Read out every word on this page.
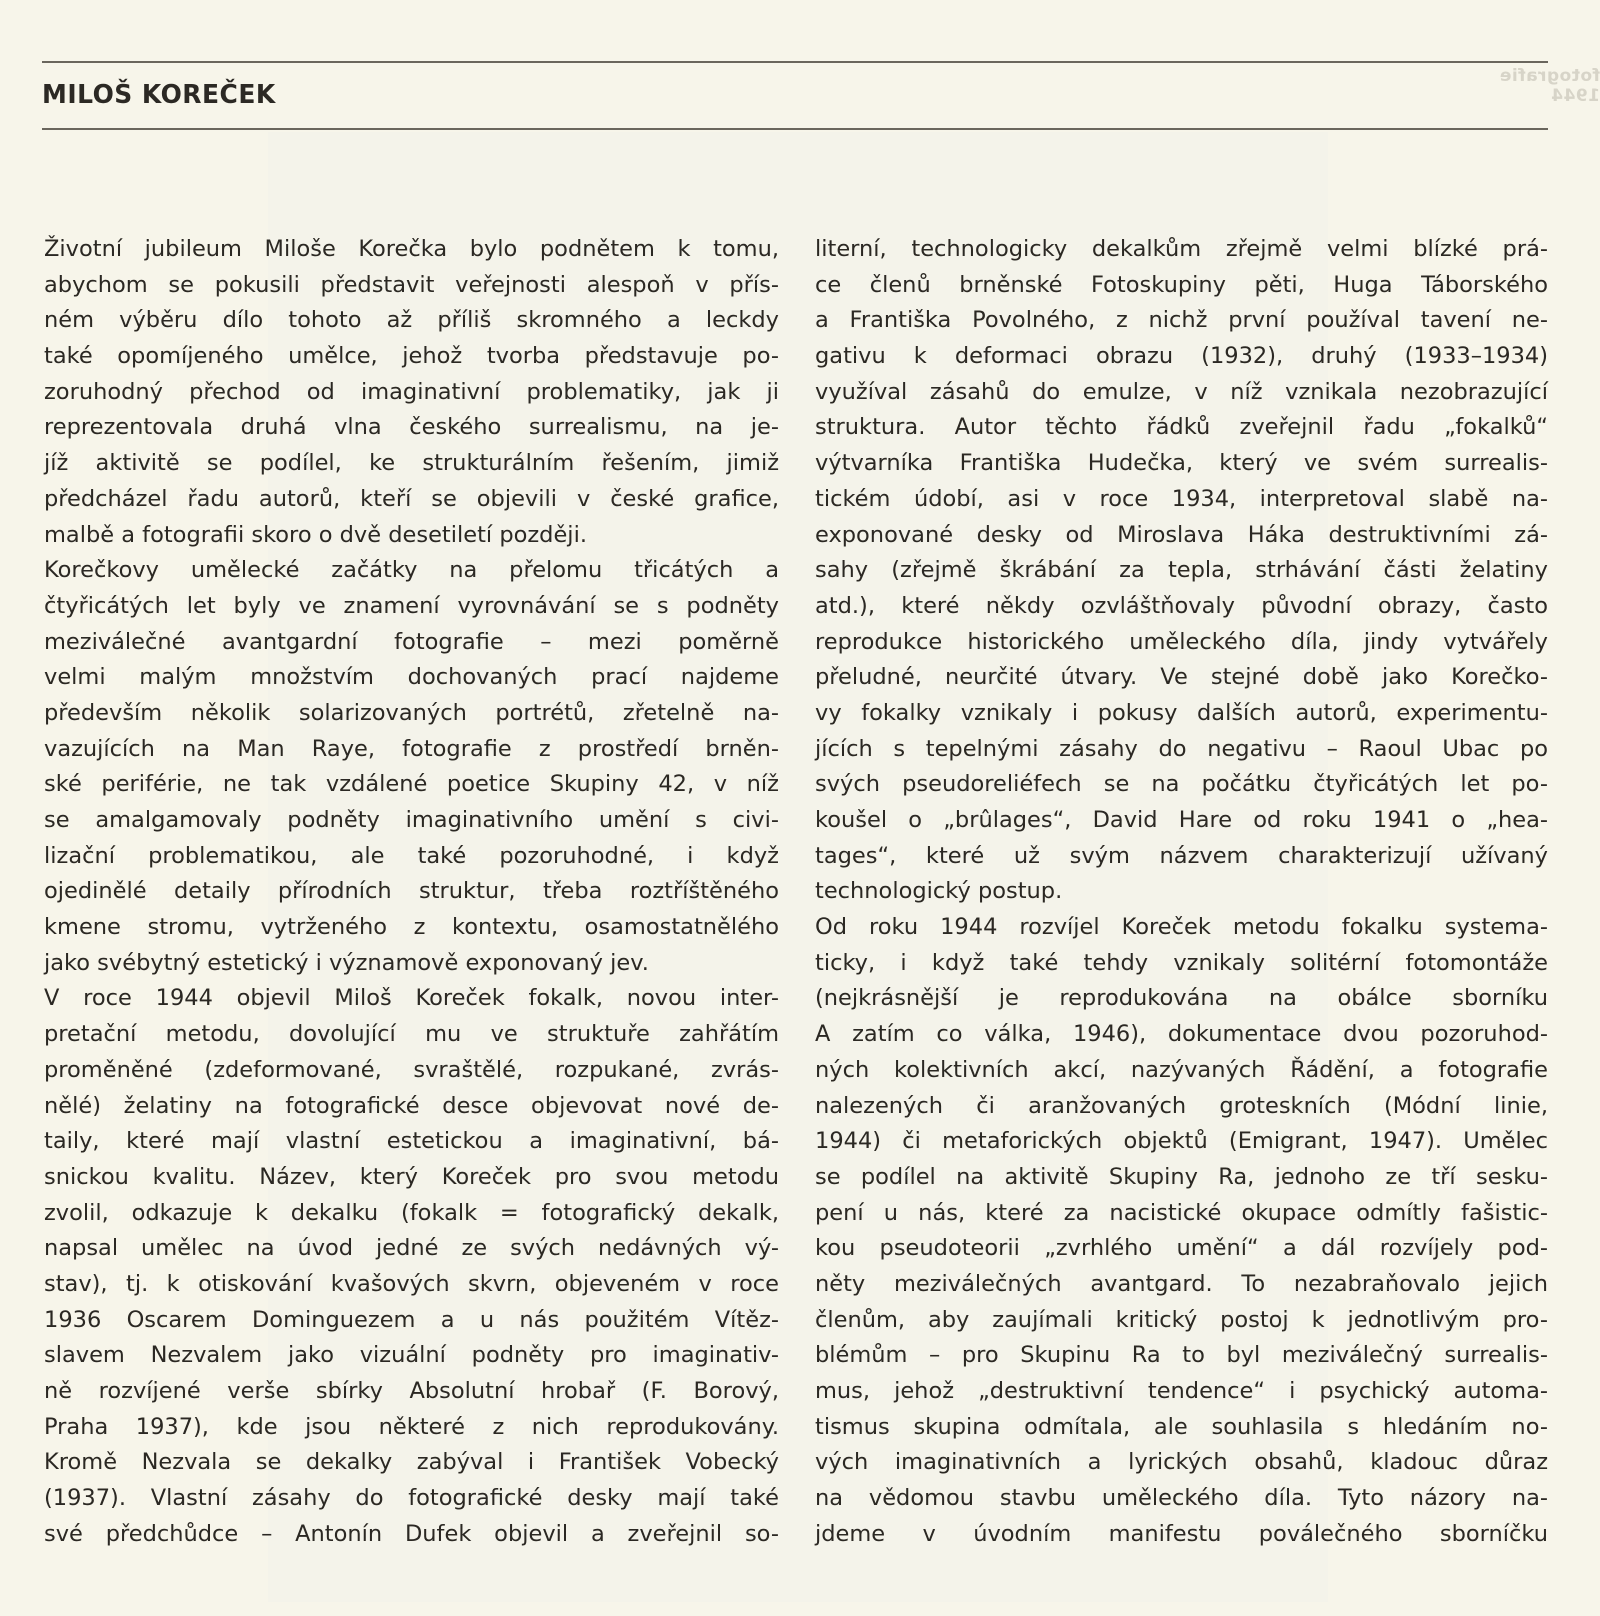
fotografie 1944
MILOŠ KOREČEK
Životní jubileum Miloše Korečka bylo podnětem k tomu,
abychom se pokusili představit veřejnosti alespoň v přís-
ném výběru dílo tohoto až příliš skromného a leckdy
také opomíjeného umělce, jehož tvorba představuje po-
zoruhodný přechod od imaginativní problematiky, jak ji
reprezentovala druhá vlna českého surrealismu, na je-
jíž aktivitě se podílel, ke strukturálním řešením, jimiž
předcházel řadu autorů, kteří se objevili v české grafice,
malbě a fotografii skoro o dvě desetiletí později.
Korečkovy umělecké začátky na přelomu třicátých a
čtyřicátých let byly ve znamení vyrovnávání se s podněty
meziválečné avantgardní fotografie – mezi poměrně
velmi malým množstvím dochovaných prací najdeme
především několik solarizovaných portrétů, zřetelně na-
vazujících na Man Raye, fotografie z prostředí brněn-
ské periférie, ne tak vzdálené poetice Skupiny 42, v níž
se amalgamovaly podněty imaginativního umění s civi-
lizační problematikou, ale také pozoruhodné, i když
ojedinělé detaily přírodních struktur, třeba roztříštěného
kmene stromu, vytrženého z kontextu, osamostatnělého
jako svébytný estetický i významově exponovaný jev.
V roce 1944 objevil Miloš Koreček fokalk, novou inter-
pretační metodu, dovolující mu ve struktuře zahřátím
proměněné (zdeformované, svraštělé, rozpukané, zvrás-
nělé) želatiny na fotografické desce objevovat nové de-
taily, které mají vlastní estetickou a imaginativní, bá-
snickou kvalitu. Název, který Koreček pro svou metodu
zvolil, odkazuje k dekalku (fokalk = fotografický dekalk,
napsal umělec na úvod jedné ze svých nedávných vý-
stav), tj. k otiskování kvašových skvrn, objeveném v roce
1936 Oscarem Dominguezem a u nás použitém Vítěz-
slavem Nezvalem jako vizuální podněty pro imaginativ-
ně rozvíjené verše sbírky Absolutní hrobař (F. Borový,
Praha 1937), kde jsou některé z nich reprodukovány.
Kromě Nezvala se dekalky zabýval i František Vobecký
(1937). Vlastní zásahy do fotografické desky mají také
své předchůdce – Antonín Dufek objevil a zveřejnil so-
literní, technologicky dekalkům zřejmě velmi blízké prá-
ce členů brněnské Fotoskupiny pěti, Huga Táborského
a Františka Povolného, z nichž první používal tavení ne-
gativu k deformaci obrazu (1932), druhý (1933–1934)
využíval zásahů do emulze, v níž vznikala nezobrazující
struktura. Autor těchto řádků zveřejnil řadu „fokalků“
výtvarníka Františka Hudečka, který ve svém surrealis-
tickém údobí, asi v roce 1934, interpretoval slabě na-
exponované desky od Miroslava Háka destruktivními zá-
sahy (zřejmě škrábání za tepla, strhávání části želatiny
atd.), které někdy ozvláštňovaly původní obrazy, často
reprodukce historického uměleckého díla, jindy vytvářely
přeludné, neurčité útvary. Ve stejné době jako Korečko-
vy fokalky vznikaly i pokusy dalších autorů, experimentu-
jících s tepelnými zásahy do negativu – Raoul Ubac po
svých pseudoreliéfech se na počátku čtyřicátých let po-
koušel o „brûlages“, David Hare od roku 1941 o „hea-
tages“, které už svým názvem charakterizují užívaný
technologický postup.
Od roku 1944 rozvíjel Koreček metodu fokalku systema-
ticky, i když také tehdy vznikaly solitérní fotomontáže
(nejkrásnější je reprodukována na obálce sborníku
A zatím co válka, 1946), dokumentace dvou pozoruhod-
ných kolektivních akcí, nazývaných Řádění, a fotografie
nalezených či aranžovaných groteskních (Módní linie,
1944) či metaforických objektů (Emigrant, 1947). Umělec
se podílel na aktivitě Skupiny Ra, jednoho ze tří sesku-
pení u nás, které za nacistické okupace odmítly fašistic-
kou pseudoteorii „zvrhlého umění“ a dál rozvíjely pod-
něty meziválečných avantgard. To nezabraňovalo jejich
členům, aby zaujímali kritický postoj k jednotlivým pro-
blémům – pro Skupinu Ra to byl meziválečný surrealis-
mus, jehož „destruktivní tendence“ i psychický automa-
tismus skupina odmítala, ale souhlasila s hledáním no-
vých imaginativních a lyrických obsahů, kladouc důraz
na vědomou stavbu uměleckého díla. Tyto názory na-
jdeme v úvodním manifestu poválečného sborníčku
